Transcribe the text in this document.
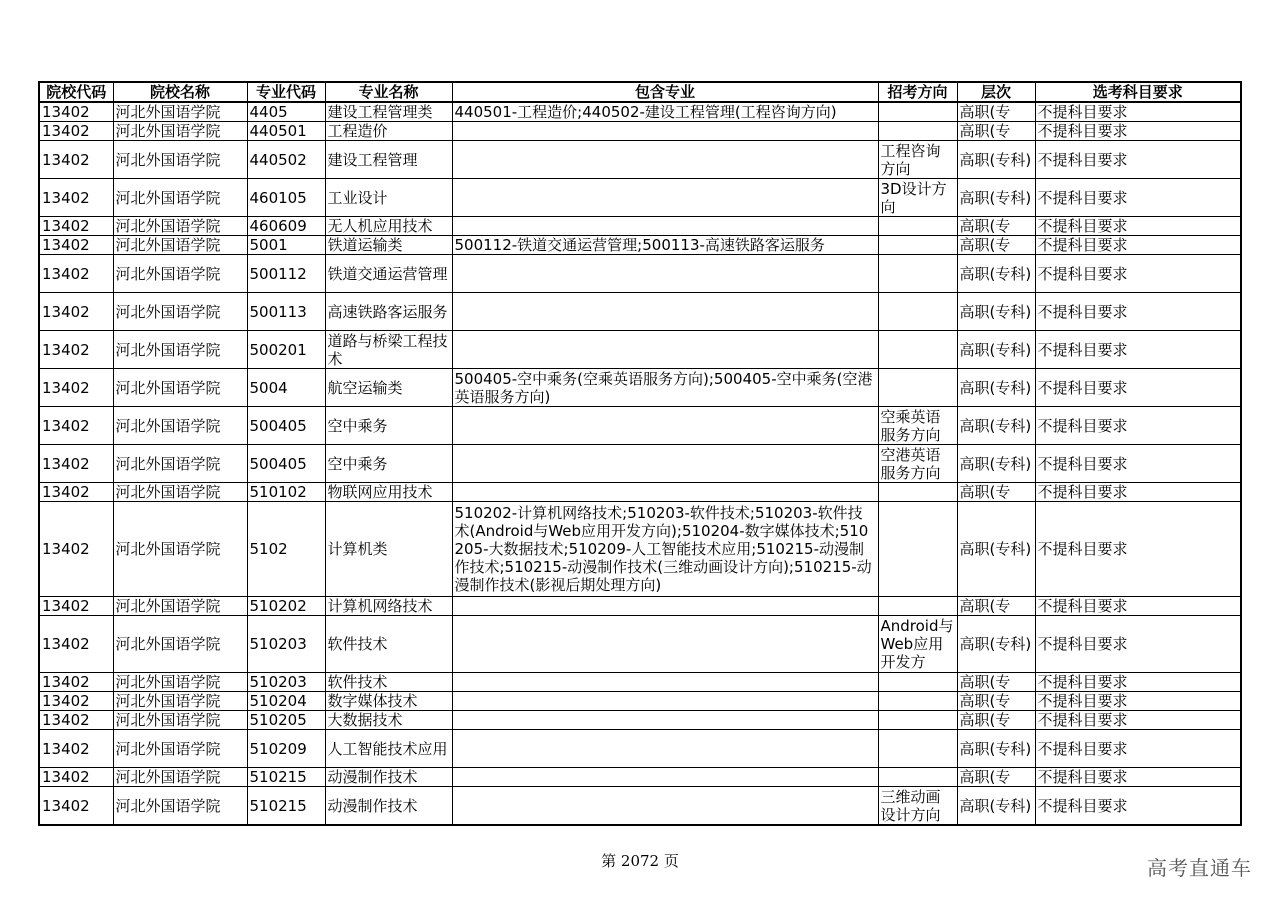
院校代码	院校名称	专业代码	专业名称	包含专业	招考方向	层次	选考科目要求
13402	河北外国语学院	4405	建设工程管理类	440501-工程造价;440502-建设工程管理(工程咨询方向)		高职(专	不提科目要求
13402	河北外国语学院	440501	工程造价			高职(专	不提科目要求
13402	河北外国语学院	440502	建设工程管理		工程咨询方向	高职(专科)	不提科目要求
13402	河北外国语学院	460105	工业设计		3D设计方向	高职(专科)	不提科目要求
13402	河北外国语学院	460609	无人机应用技术			高职(专	不提科目要求
13402	河北外国语学院	5001	铁道运输类	500112-铁道交通运营管理;500113-高速铁路客运服务		高职(专	不提科目要求
13402	河北外国语学院	500112	铁道交通运营管理			高职(专科)	不提科目要求
13402	河北外国语学院	500113	高速铁路客运服务			高职(专科)	不提科目要求
13402	河北外国语学院	500201	道路与桥梁工程技术			高职(专科)	不提科目要求
13402	河北外国语学院	5004	航空运输类	500405-空中乘务(空乘英语服务方向);500405-空中乘务(空港英语服务方向)		高职(专科)	不提科目要求
13402	河北外国语学院	500405	空中乘务		空乘英语服务方向	高职(专科)	不提科目要求
13402	河北外国语学院	500405	空中乘务		空港英语服务方向	高职(专科)	不提科目要求
13402	河北外国语学院	510102	物联网应用技术			高职(专	不提科目要求
13402	河北外国语学院	5102	计算机类	510202-计算机网络技术;510203-软件技术;510203-软件技术(Android与Web应用开发方向);510204-数字媒体技术;510205-大数据技术;510209-人工智能技术应用;510215-动漫制作技术;510215-动漫制作技术(三维动画设计方向);510215-动漫制作技术(影视后期处理方向)		高职(专科)	不提科目要求
13402	河北外国语学院	510202	计算机网络技术			高职(专	不提科目要求
13402	河北外国语学院	510203	软件技术		Android与Web应用开发方	高职(专科)	不提科目要求
13402	河北外国语学院	510203	软件技术			高职(专	不提科目要求
13402	河北外国语学院	510204	数字媒体技术			高职(专	不提科目要求
13402	河北外国语学院	510205	大数据技术			高职(专	不提科目要求
13402	河北外国语学院	510209	人工智能技术应用			高职(专科)	不提科目要求
13402	河北外国语学院	510215	动漫制作技术			高职(专	不提科目要求
13402	河北外国语学院	510215	动漫制作技术		三维动画设计方向	高职(专科)	不提科目要求
第 2072 页	高考直通车
